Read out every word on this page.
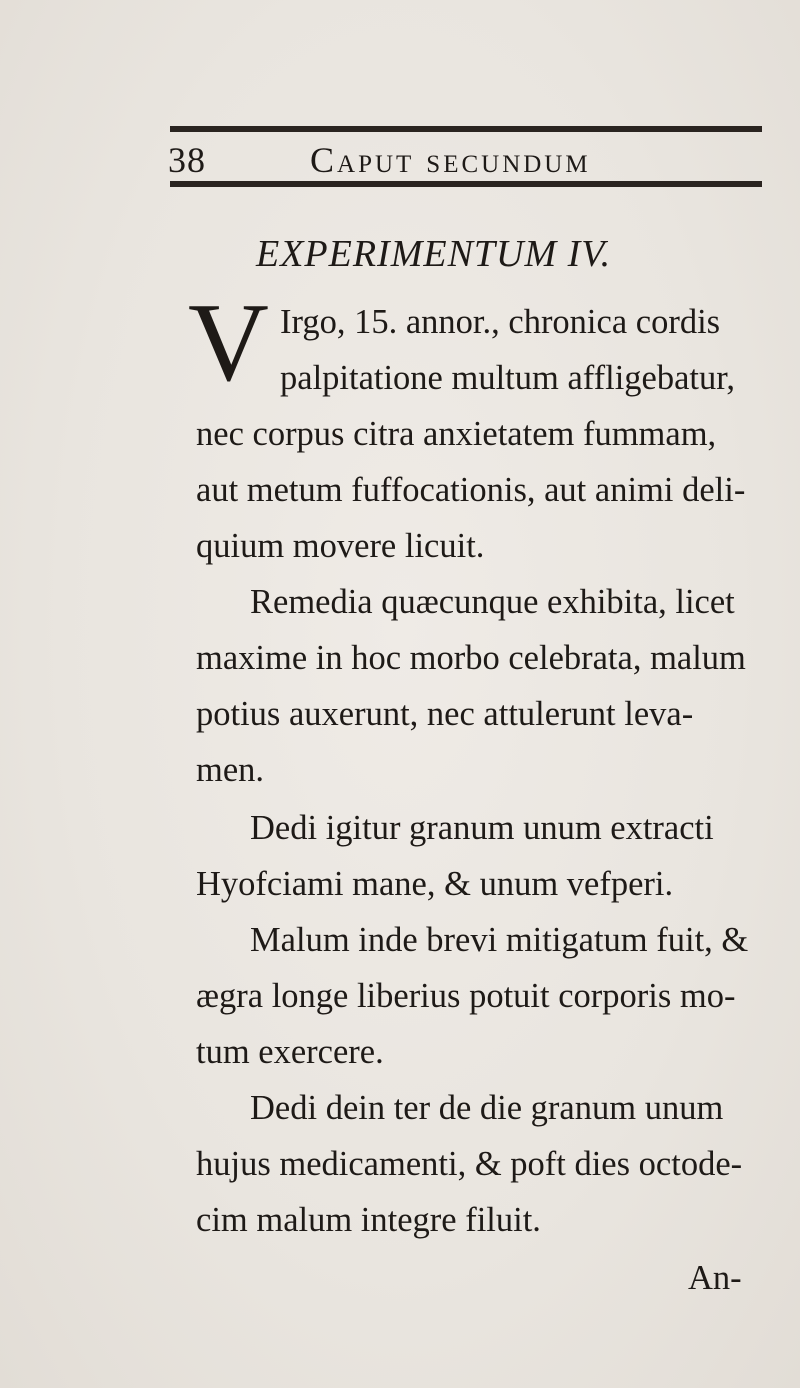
38	Caput secundum
EXPERIMENTUM IV.
V Irgo, 15. annor., chronica cordis
palpitatione multum affligebatur,
nec corpus citra anxietatem fummam,
aut metum fuffocationis, aut animi deli-
quium movere licuit.
Remedia quæcunque exhibita, licet
maxime in hoc morbo celebrata, malum
potius auxerunt, nec attulerunt leva-
men.
Dedi igitur granum unum extracti
Hyofciami mane, & unum vefperi.
Malum inde brevi mitigatum fuit, &
ægra longe liberius potuit corporis mo-
tum exercere.
Dedi dein ter de die granum unum
hujus medicamenti, & poft dies octode-
cim malum integre filuit.
An-
